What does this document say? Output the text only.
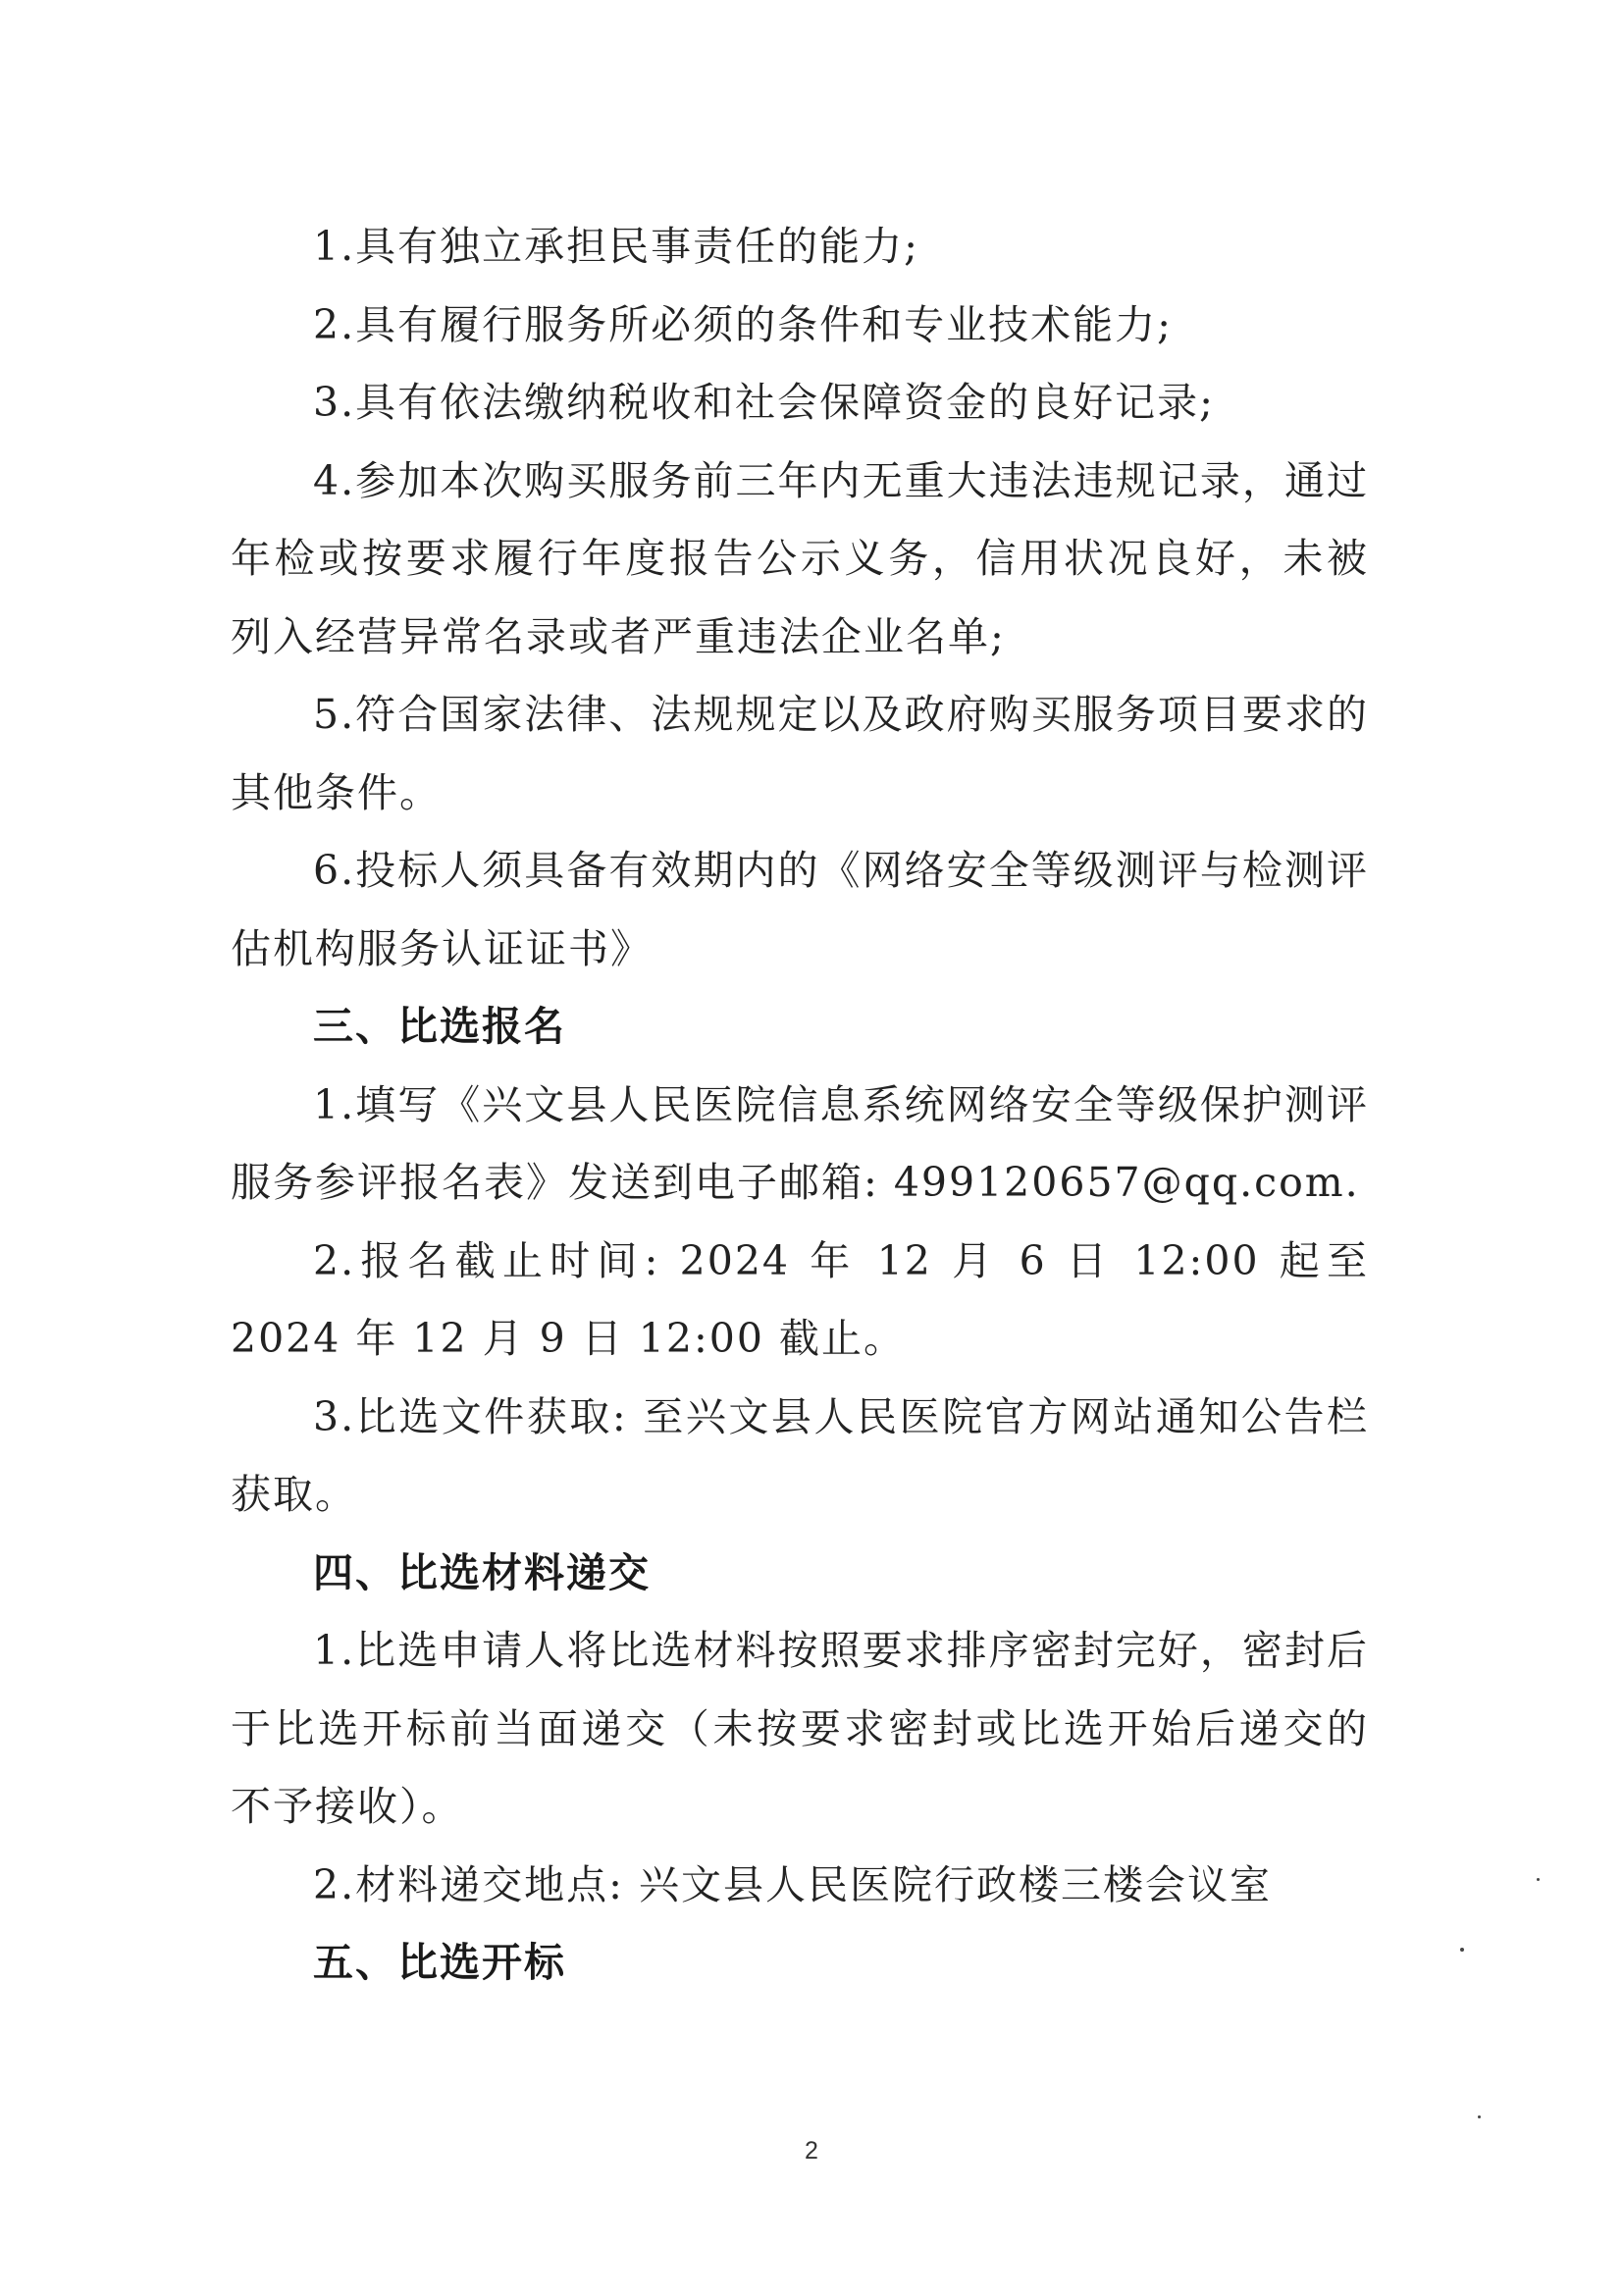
1.具有独立承担民事责任的能力;

2.具有履行服务所必须的条件和专业技术能力;

3.具有依法缴纳税收和社会保障资金的良好记录;

4.参加本次购买服务前三年内无重大违法违规记录，通过年检或按要求履行年度报告公示义务，信用状况良好，未被列入经营异常名录或者严重违法企业名单;

5.符合国家法律、法规规定以及政府购买服务项目要求的其他条件。

6.投标人须具备有效期内的《网络安全等级测评与检测评估机构服务认证证书》

三、比选报名

1.填写《兴文县人民医院信息系统网络安全等级保护测评服务参评报名表》发送到电子邮箱: 499120657@qq.com.

2.报名截止时间: 2024 年 12 月 6 日 12:00 起至 2024 年 12 月 9 日 12:00 截止。

3.比选文件获取: 至兴文县人民医院官方网站通知公告栏获取。

四、比选材料递交

1.比选申请人将比选材料按照要求排序密封完好，密封后于比选开标前当面递交（未按要求密封或比选开始后递交的不予接收）。

2.材料递交地点: 兴文县人民医院行政楼三楼会议室

五、比选开标

2
